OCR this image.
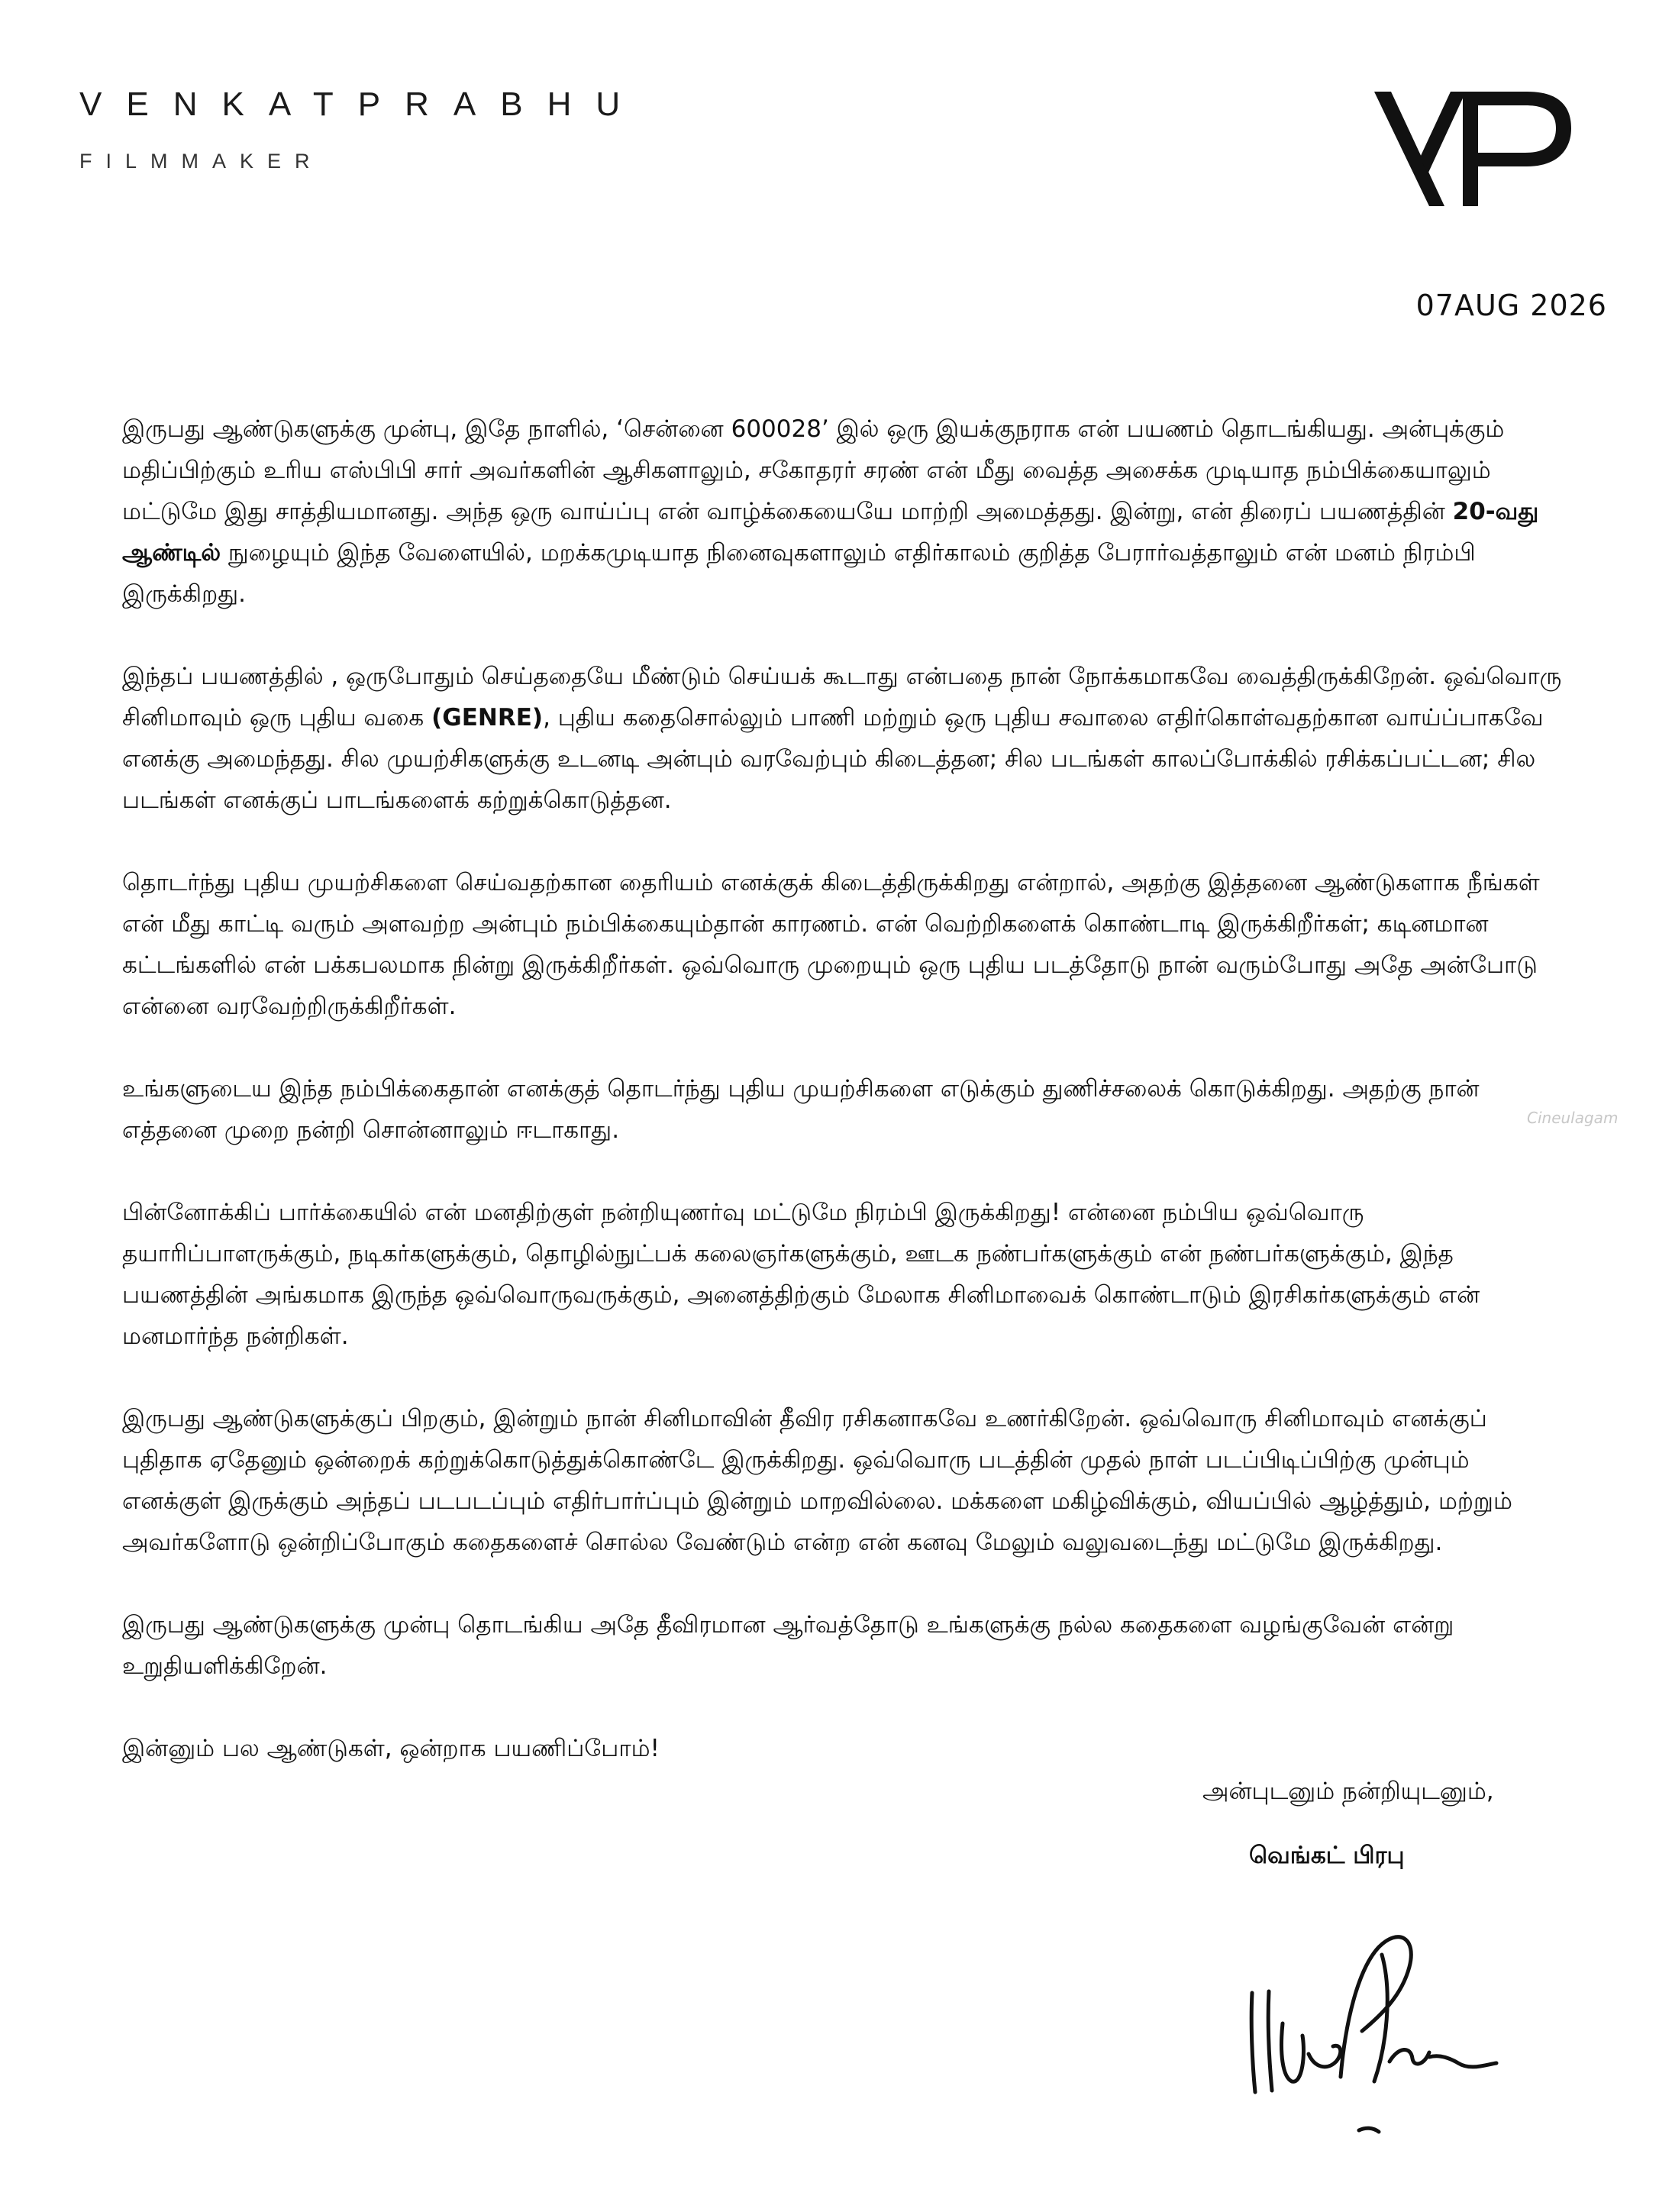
VENKATPRABHU
FILMMAKER
07AUG 2026

இருபது ஆண்டுகளுக்கு முன்பு, இதே நாளில், ‘சென்னை 600028’ இல் ஒரு இயக்குநராக என் பயணம் தொடங்கியது. அன்புக்கும் மதிப்பிற்கும் உரிய எஸ்பிபி சார் அவர்களின் ஆசிகளாலும், சகோதரர் சரண் என் மீது வைத்த அசைக்க முடியாத நம்பிக்கையாலும் மட்டுமே இது சாத்தியமானது. அந்த ஒரு வாய்ப்பு என் வாழ்க்கையையே மாற்றி அமைத்தது. இன்று, என் திரைப் பயணத்தின் 20-வது ஆண்டில் நுழையும் இந்த வேளையில், மறக்கமுடியாத நினைவுகளாலும் எதிர்காலம் குறித்த பேரார்வத்தாலும் என் மனம் நிரம்பி இருக்கிறது.

இந்தப் பயணத்தில் , ஒருபோதும் செய்ததையே மீண்டும் செய்யக் கூடாது என்பதை நான் நோக்கமாகவே வைத்திருக்கிறேன். ஒவ்வொரு சினிமாவும் ஒரு புதிய வகை (GENRE), புதிய கதைசொல்லும் பாணி மற்றும் ஒரு புதிய சவாலை எதிர்கொள்வதற்கான வாய்ப்பாகவே எனக்கு அமைந்தது. சில முயற்சிகளுக்கு உடனடி அன்பும் வரவேற்பும் கிடைத்தன; சில படங்கள் காலப்போக்கில் ரசிக்கப்பட்டன; சில படங்கள் எனக்குப் பாடங்களைக் கற்றுக்கொடுத்தன.

தொடர்ந்து புதிய முயற்சிகளை செய்வதற்கான தைரியம் எனக்குக் கிடைத்திருக்கிறது என்றால், அதற்கு இத்தனை ஆண்டுகளாக நீங்கள் என் மீது காட்டி வரும் அளவற்ற அன்பும் நம்பிக்கையும்தான் காரணம். என் வெற்றிகளைக் கொண்டாடி இருக்கிறீர்கள்; கடினமான கட்டங்களில் என் பக்கபலமாக நின்று இருக்கிறீர்கள். ஒவ்வொரு முறையும் ஒரு புதிய படத்தோடு நான் வரும்போது அதே அன்போடு என்னை வரவேற்றிருக்கிறீர்கள்.

உங்களுடைய இந்த நம்பிக்கைதான் எனக்குத் தொடர்ந்து புதிய முயற்சிகளை எடுக்கும் துணிச்சலைக் கொடுக்கிறது. அதற்கு நான் எத்தனை முறை நன்றி சொன்னாலும் ஈடாகாது.

பின்னோக்கிப் பார்க்கையில் என் மனதிற்குள் நன்றியுணர்வு மட்டுமே நிரம்பி இருக்கிறது! என்னை நம்பிய ஒவ்வொரு தயாரிப்பாளருக்கும், நடிகர்களுக்கும், தொழில்நுட்பக் கலைஞர்களுக்கும், ஊடக நண்பர்களுக்கும் என் நண்பர்களுக்கும், இந்த பயணத்தின் அங்கமாக இருந்த ஒவ்வொருவருக்கும், அனைத்திற்கும் மேலாக சினிமாவைக் கொண்டாடும் இரசிகர்களுக்கும் என் மனமார்ந்த நன்றிகள்.

இருபது ஆண்டுகளுக்குப் பிறகும், இன்றும் நான் சினிமாவின் தீவிர ரசிகனாகவே உணர்கிறேன். ஒவ்வொரு சினிமாவும் எனக்குப் புதிதாக ஏதேனும் ஒன்றைக் கற்றுக்கொடுத்துக்கொண்டே இருக்கிறது. ஒவ்வொரு படத்தின் முதல் நாள் படப்பிடிப்பிற்கு முன்பும் எனக்குள் இருக்கும் அந்தப் படபடப்பும் எதிர்பார்ப்பும் இன்றும் மாறவில்லை. மக்களை மகிழ்விக்கும், வியப்பில் ஆழ்த்தும், மற்றும் அவர்களோடு ஒன்றிப்போகும் கதைகளைச் சொல்ல வேண்டும் என்ற என் கனவு மேலும் வலுவடைந்து மட்டுமே இருக்கிறது.

இருபது ஆண்டுகளுக்கு முன்பு தொடங்கிய அதே தீவிரமான ஆர்வத்தோடு உங்களுக்கு நல்ல கதைகளை வழங்குவேன் என்று உறுதியளிக்கிறேன்.

இன்னும் பல ஆண்டுகள், ஒன்றாக பயணிப்போம்!

Cineulagam
அன்புடனும் நன்றியுடனும்,
வெங்கட் பிரபு
